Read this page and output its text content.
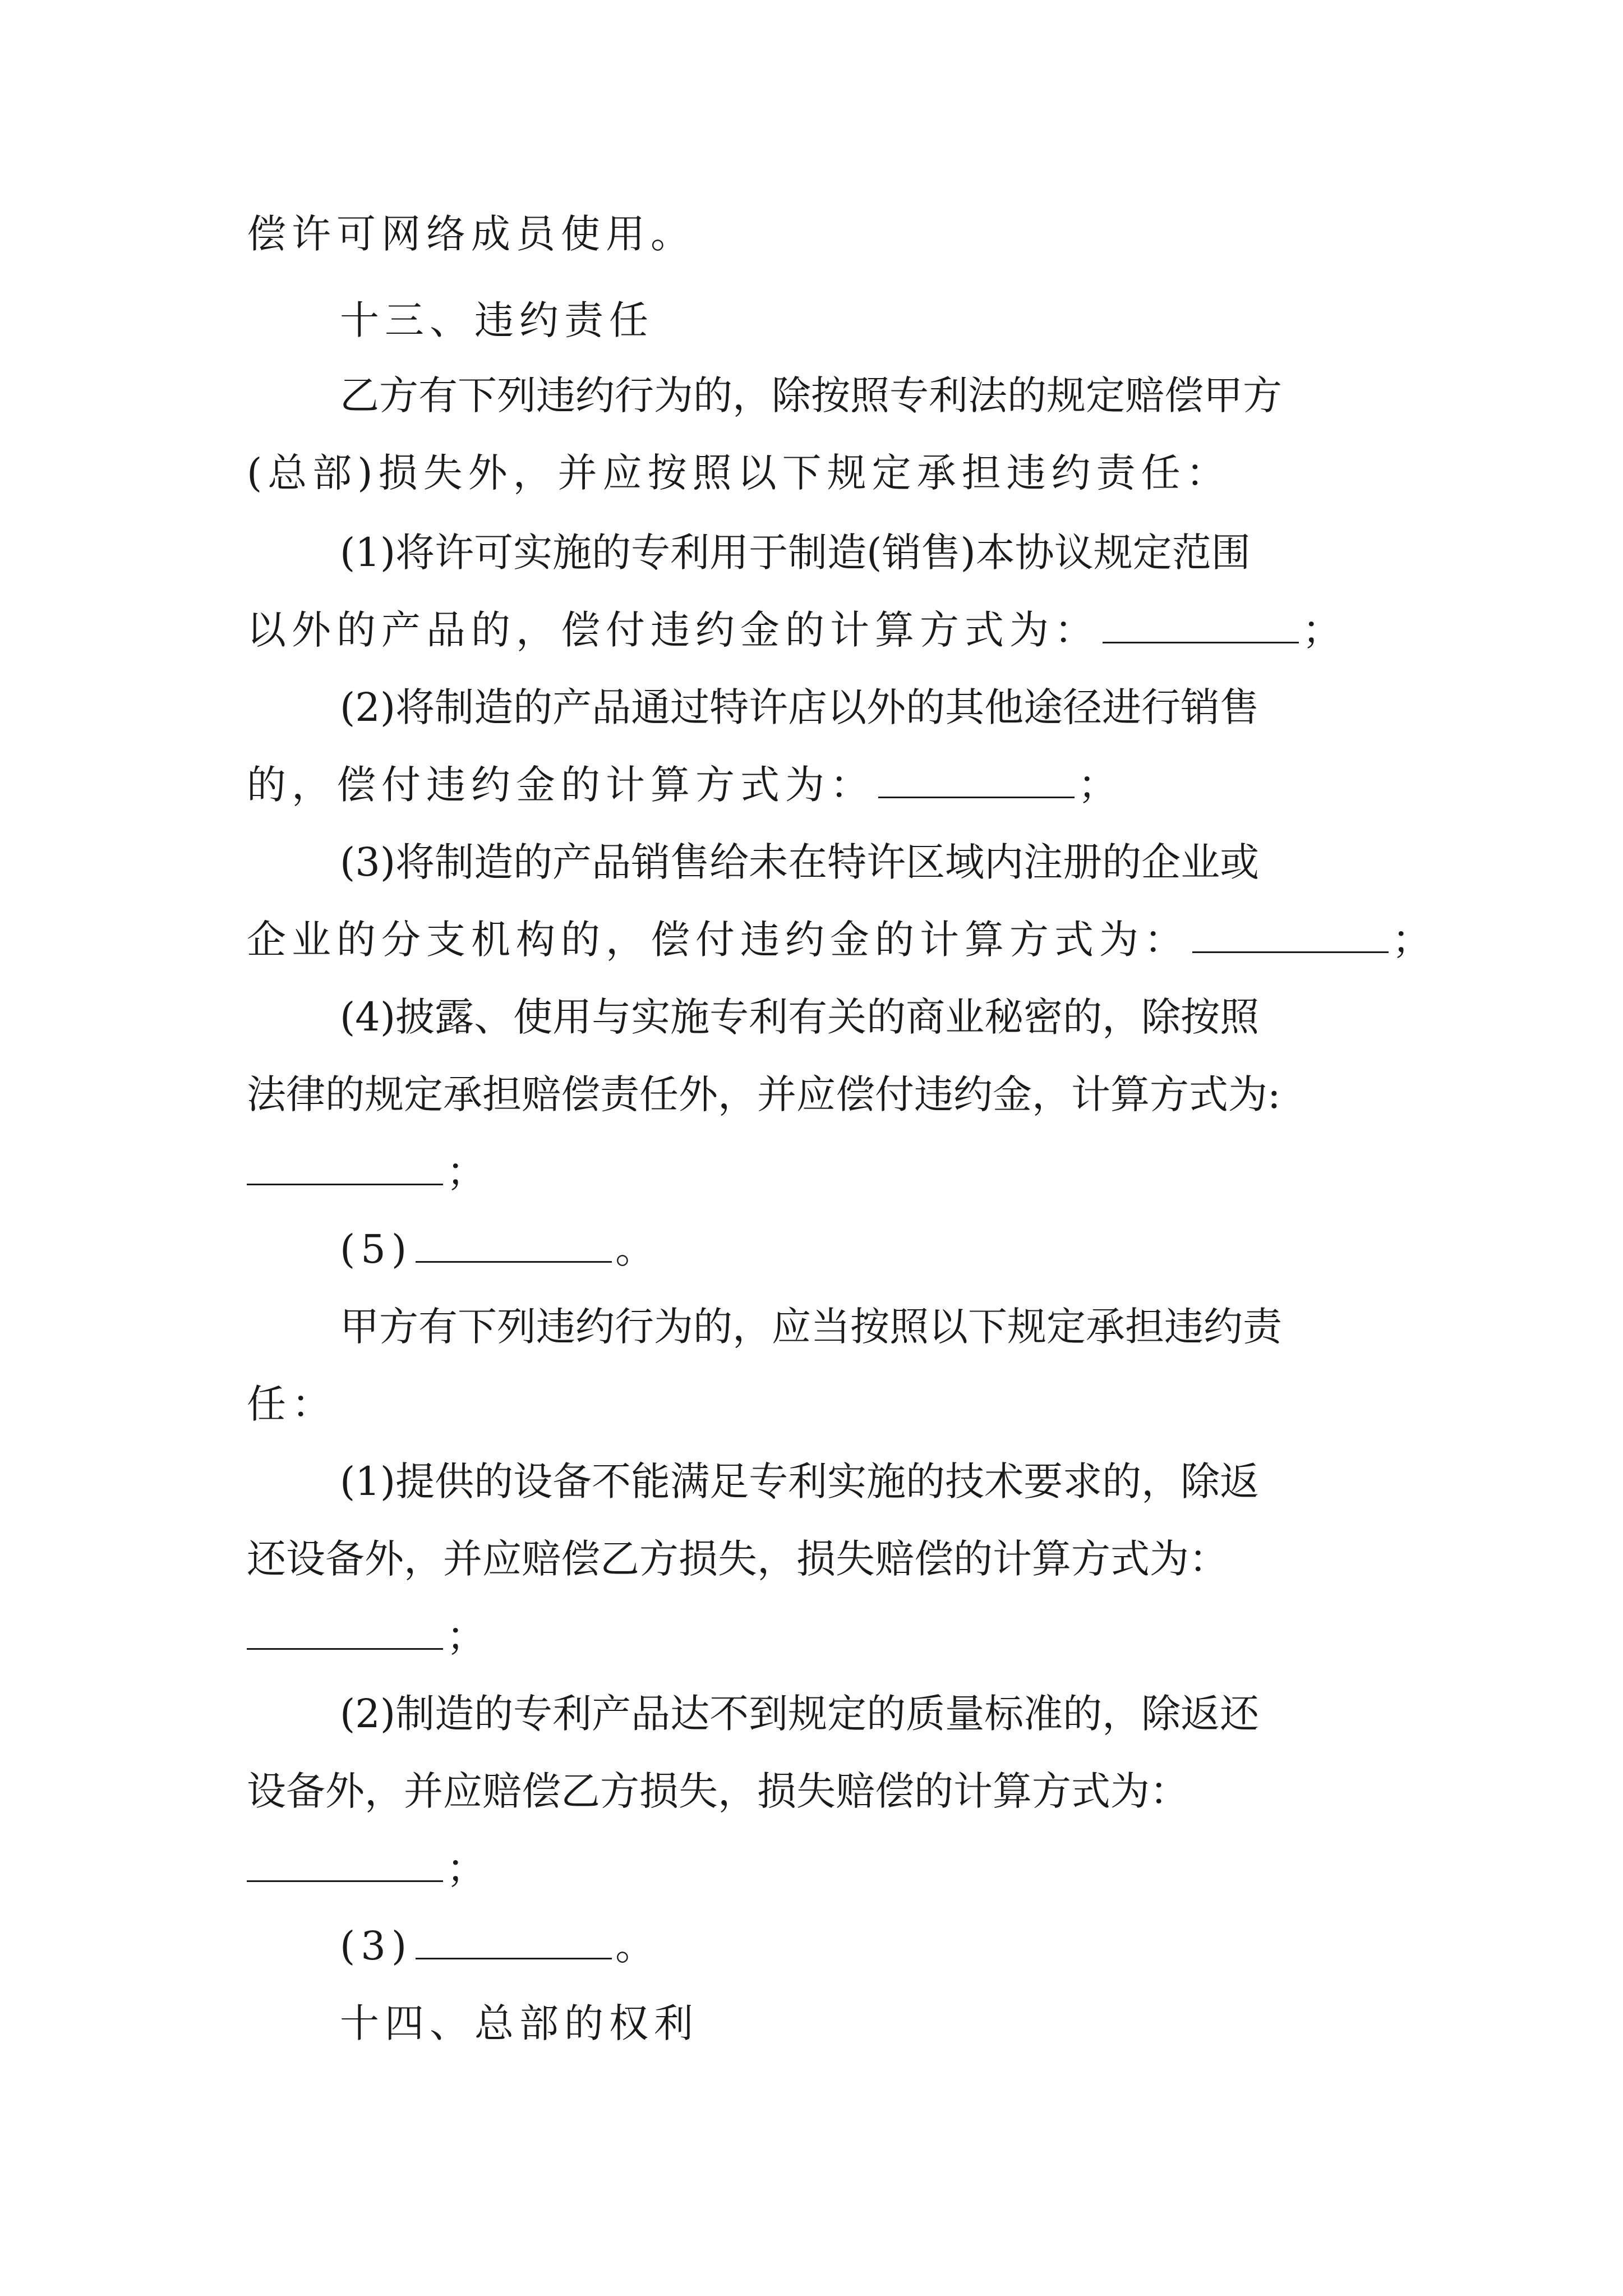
偿许可网络成员使用。
十三、违约责任
乙方有下列违约行为的，除按照专利法的规定赔偿甲方
(总部)损失外，并应按照以下规定承担违约责任：
(1)将许可实施的专利用于制造(销售)本协议规定范围
以外的产品的，偿付违约金的计算方式为：	；
(2)将制造的产品通过特许店以外的其他途径进行销售
的，偿付违约金的计算方式为：	；
(3)将制造的产品销售给未在特许区域内注册的企业或
企业的分支机构的，偿付违约金的计算方式为：	；
(4)披露、使用与实施专利有关的商业秘密的，除按照
法律的规定承担赔偿责任外，并应偿付违约金，计算方式为:
；
(5)	。
甲方有下列违约行为的，应当按照以下规定承担违约责
任：
(1)提供的设备不能满足专利实施的技术要求的，除返
还设备外，并应赔偿乙方损失，损失赔偿的计算方式为：
；
(2)制造的专利产品达不到规定的质量标准的，除返还
设备外，并应赔偿乙方损失，损失赔偿的计算方式为：
；
(3)	。
十四、总部的权利
